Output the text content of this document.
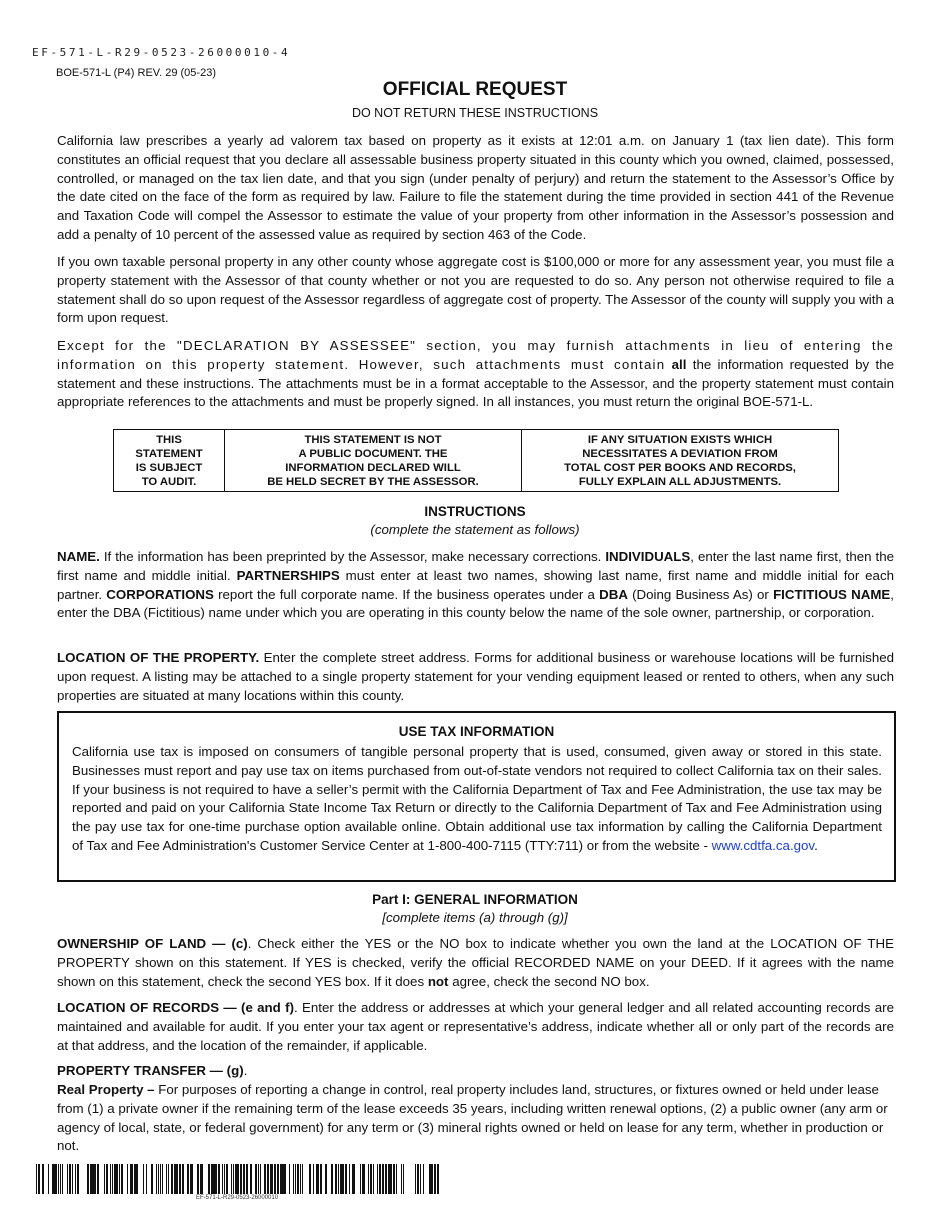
EF-571-L-R29-0523-26000010-4
BOE-571-L (P4) REV. 29 (05-23)
OFFICIAL REQUEST
DO NOT RETURN THESE INSTRUCTIONS
California law prescribes a yearly ad valorem tax based on property as it exists at 12:01 a.m. on January 1 (tax lien date). This form constitutes an official request that you declare all assessable business property situated in this county which you owned, claimed, possessed, controlled, or managed on the tax lien date, and that you sign (under penalty of perjury) and return the statement to the Assessor’s Office by the date cited on the face of the form as required by law. Failure to file the statement during the time provided in section 441 of the Revenue and Taxation Code will compel the Assessor to estimate the value of your property from other information in the Assessor’s possession and add a penalty of 10 percent of the assessed value as required by section 463 of the Code.
If you own taxable personal property in any other county whose aggregate cost is $100,000 or more for any assessment year, you must file a property statement with the Assessor of that county whether or not you are requested to do so. Any person not otherwise required to file a statement shall do so upon request of the Assessor regardless of aggregate cost of property. The Assessor of the county will supply you with a form upon request.
Except for the "DECLARATION BY ASSESSEE" section, you may furnish attachments in lieu of entering the information on this property statement. However, such attachments must contain all the information requested by the statement and these instructions. The attachments must be in a format acceptable to the Assessor, and the property statement must contain appropriate references to the attachments and must be properly signed. In all instances, you must return the original BOE-571-L.
THIS
STATEMENT
IS SUBJECT
TO AUDIT.	THIS STATEMENT IS NOT
A PUBLIC DOCUMENT. THE
INFORMATION DECLARED WILL
BE HELD SECRET BY THE ASSESSOR.	IF ANY SITUATION EXISTS WHICH
NECESSITATES A DEVIATION FROM
TOTAL COST PER BOOKS AND RECORDS,
FULLY EXPLAIN ALL ADJUSTMENTS.
INSTRUCTIONS
(complete the statement as follows)
NAME. If the information has been preprinted by the Assessor, make necessary corrections. INDIVIDUALS, enter the last name first, then the first name and middle initial. PARTNERSHIPS must enter at least two names, showing last name, first name and middle initial for each partner. CORPORATIONS report the full corporate name. If the business operates under a DBA (Doing Business As) or FICTITIOUS NAME, enter the DBA (Fictitious) name under which you are operating in this county below the name of the sole owner, partnership, or corporation.
LOCATION OF THE PROPERTY. Enter the complete street address. Forms for additional business or warehouse locations will be furnished upon request. A listing may be attached to a single property statement for your vending equipment leased or rented to others, when any such properties are situated at many locations within this county.
USE TAX INFORMATION
California use tax is imposed on consumers of tangible personal property that is used, consumed, given away or stored in this state. Businesses must report and pay use tax on items purchased from out-of-state vendors not required to collect California tax on their sales. If your business is not required to have a seller’s permit with the California Department of Tax and Fee Administration, the use tax may be reported and paid on your California State Income Tax Return or directly to the California Department of Tax and Fee Administration using the pay use tax for one-time purchase option available online. Obtain additional use tax information by calling the California Department of Tax and Fee Administration's Customer Service Center at 1-800-400-7115 (TTY:711) or from the website - www.cdtfa.ca.gov.
Part I: GENERAL INFORMATION
[complete items (a) through (g)]
OWNERSHIP OF LAND — (c). Check either the YES or the NO box to indicate whether you own the land at the LOCATION OF THE PROPERTY shown on this statement. If YES is checked, verify the official RECORDED NAME on your DEED. If it agrees with the name shown on this statement, check the second YES box. If it does not agree, check the second NO box.
LOCATION OF RECORDS — (e and f). Enter the address or addresses at which your general ledger and all related accounting records are maintained and available for audit. If you enter your tax agent or representative’s address, indicate whether all or only part of the records are at that address, and the location of the remainder, if applicable.
PROPERTY TRANSFER — (g).
Real Property – For purposes of reporting a change in control, real property includes land, structures, or fixtures owned or held under lease from (1) a private owner if the remaining term of the lease exceeds 35 years, including written renewal options, (2) a public owner (any arm or agency of local, state, or federal government) for any term or (3) mineral rights owned or held on lease for any term, whether in production or not.
EF-571-L-R29-0523-26000010
